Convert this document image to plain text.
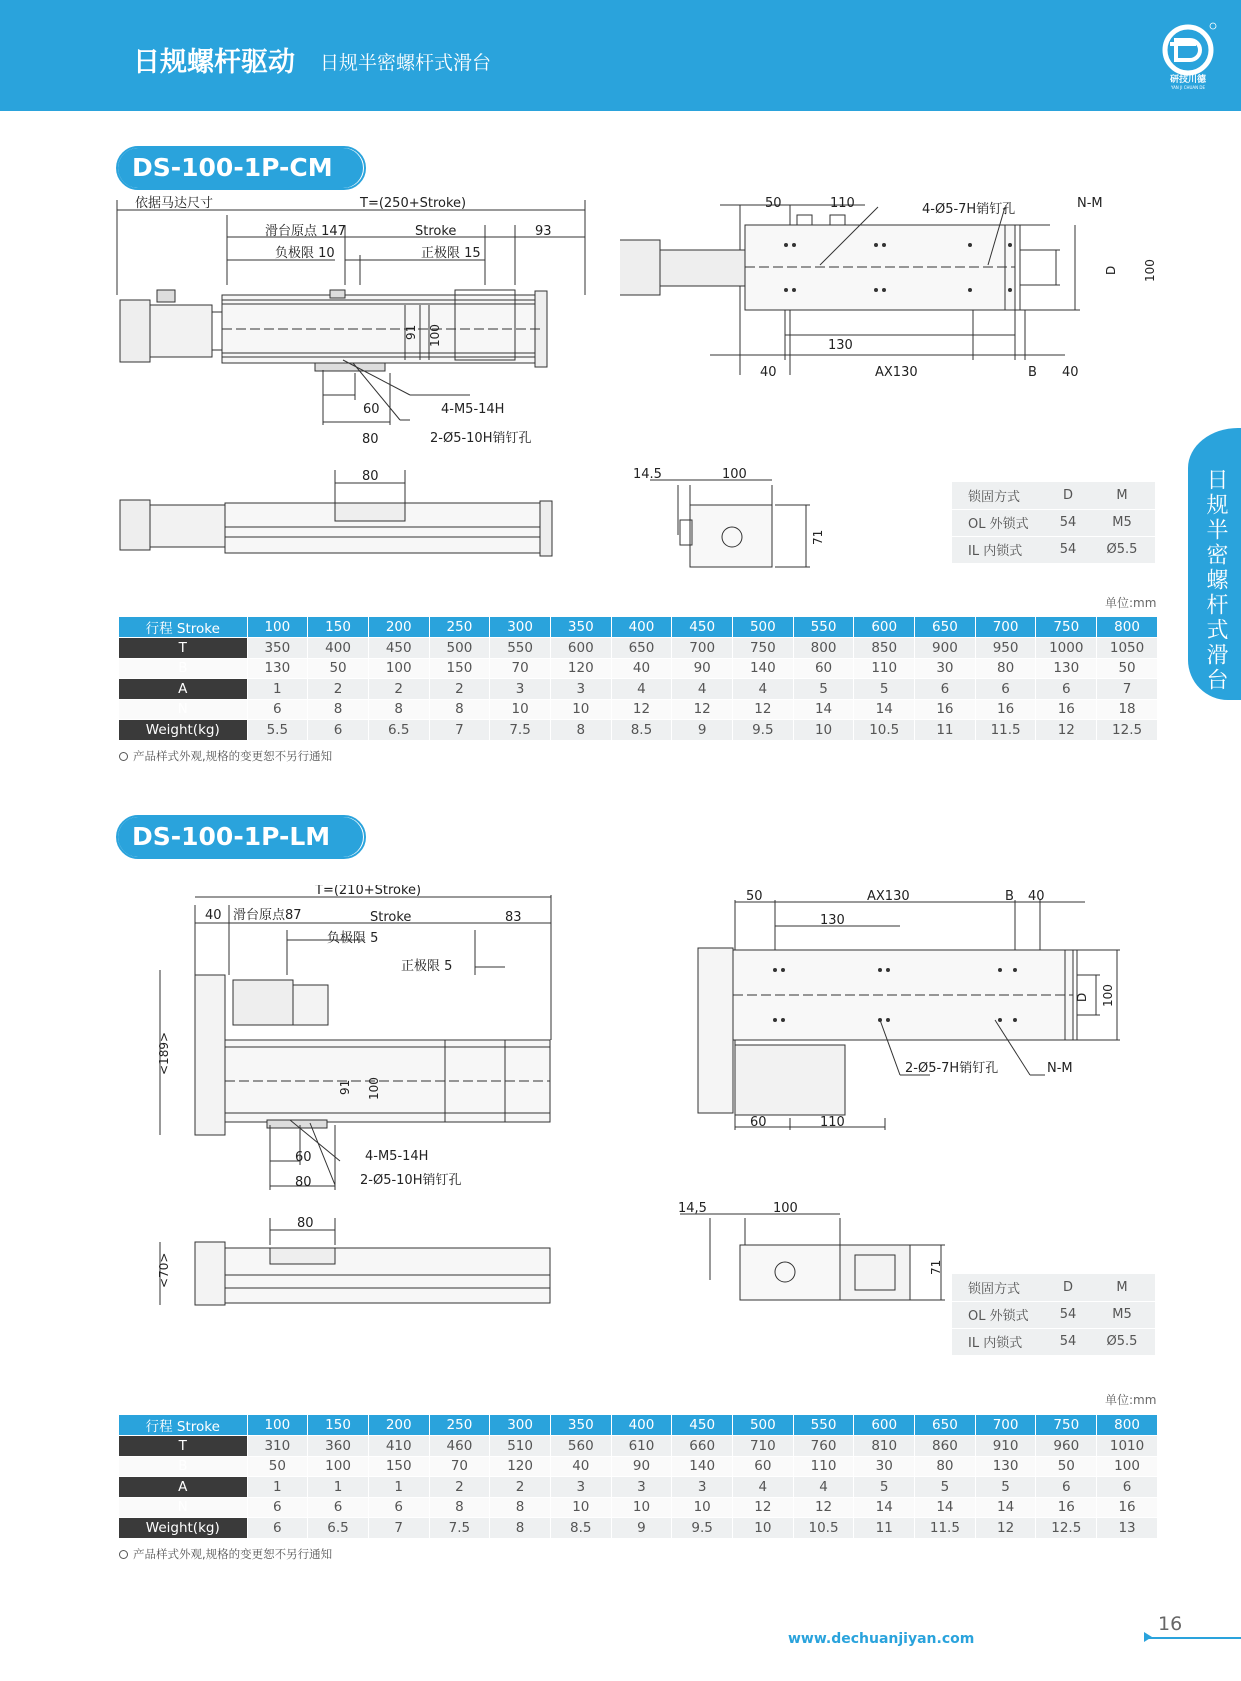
日规螺杆驱动 日规半密螺杆式滑台
研技川德
YAN JI CHUAN DE
日规半密螺杆式滑台
DS-100-1P-CM
依据马达尺寸	T=(250+Stroke)
滑台原点 147	Stroke	93
负极限 10	正极限 15
91 100
60
80
4-M5-14H
2-Ø5-10H销钉孔
50	110	4-Ø5-7H销钉孔	N-M
D 100
130
40	AX130	B 40
80	14.5	100
71
锁固方式	D	M
OL 外锁式	54	M5
IL 内锁式	54	Ø5.5
单位:mm
行程 Stroke	100	150	200	250	300	350	400	450	500	550	600	650	700	750	800
T	350	400	450	500	550	600	650	700	750	800	850	900	950	1000	1050
B	130	50	100	150	70	120	40	90	140	60	110	30	80	130	50
A	1	2	2	2	3	3	4	4	4	5	5	6	6	6	7
N	6	8	8	8	10	10	12	12	12	14	14	16	16	16	18
Weight(kg)	5.5	6	6.5	7	7.5	8	8.5	9	9.5	10	10.5	11	11.5	12	12.5
产品样式外观,规格的变更恕不另行通知
DS-100-1P-LM
40
T=(210+Stroke)
滑台原点87	Stroke	83
负极限 5
正极限 5
<189>
91 100
60
80
4-M5-14H
2-Ø5-10H销钉孔
50	AX130	B 40
130
D 100
2-Ø5-7H销钉孔	N-M
60	110
80
<70>
14,5	100
71
锁固方式	D	M
OL 外锁式	54	M5
IL 内锁式	54	Ø5.5
单位:mm
行程 Stroke	100	150	200	250	300	350	400	450	500	550	600	650	700	750	800
T	310	360	410	460	510	560	610	660	710	760	810	860	910	960	1010
B	50	100	150	70	120	40	90	140	60	110	30	80	130	50	100
A	1	1	1	2	2	3	3	3	4	4	5	5	5	6	6
N	6	6	6	8	8	10	10	10	12	12	14	14	14	16	16
Weight(kg)	6	6.5	7	7.5	8	8.5	9	9.5	10	10.5	11	11.5	12	12.5	13
产品样式外观,规格的变更恕不另行通知
www.dechuanjiyan.com
16
